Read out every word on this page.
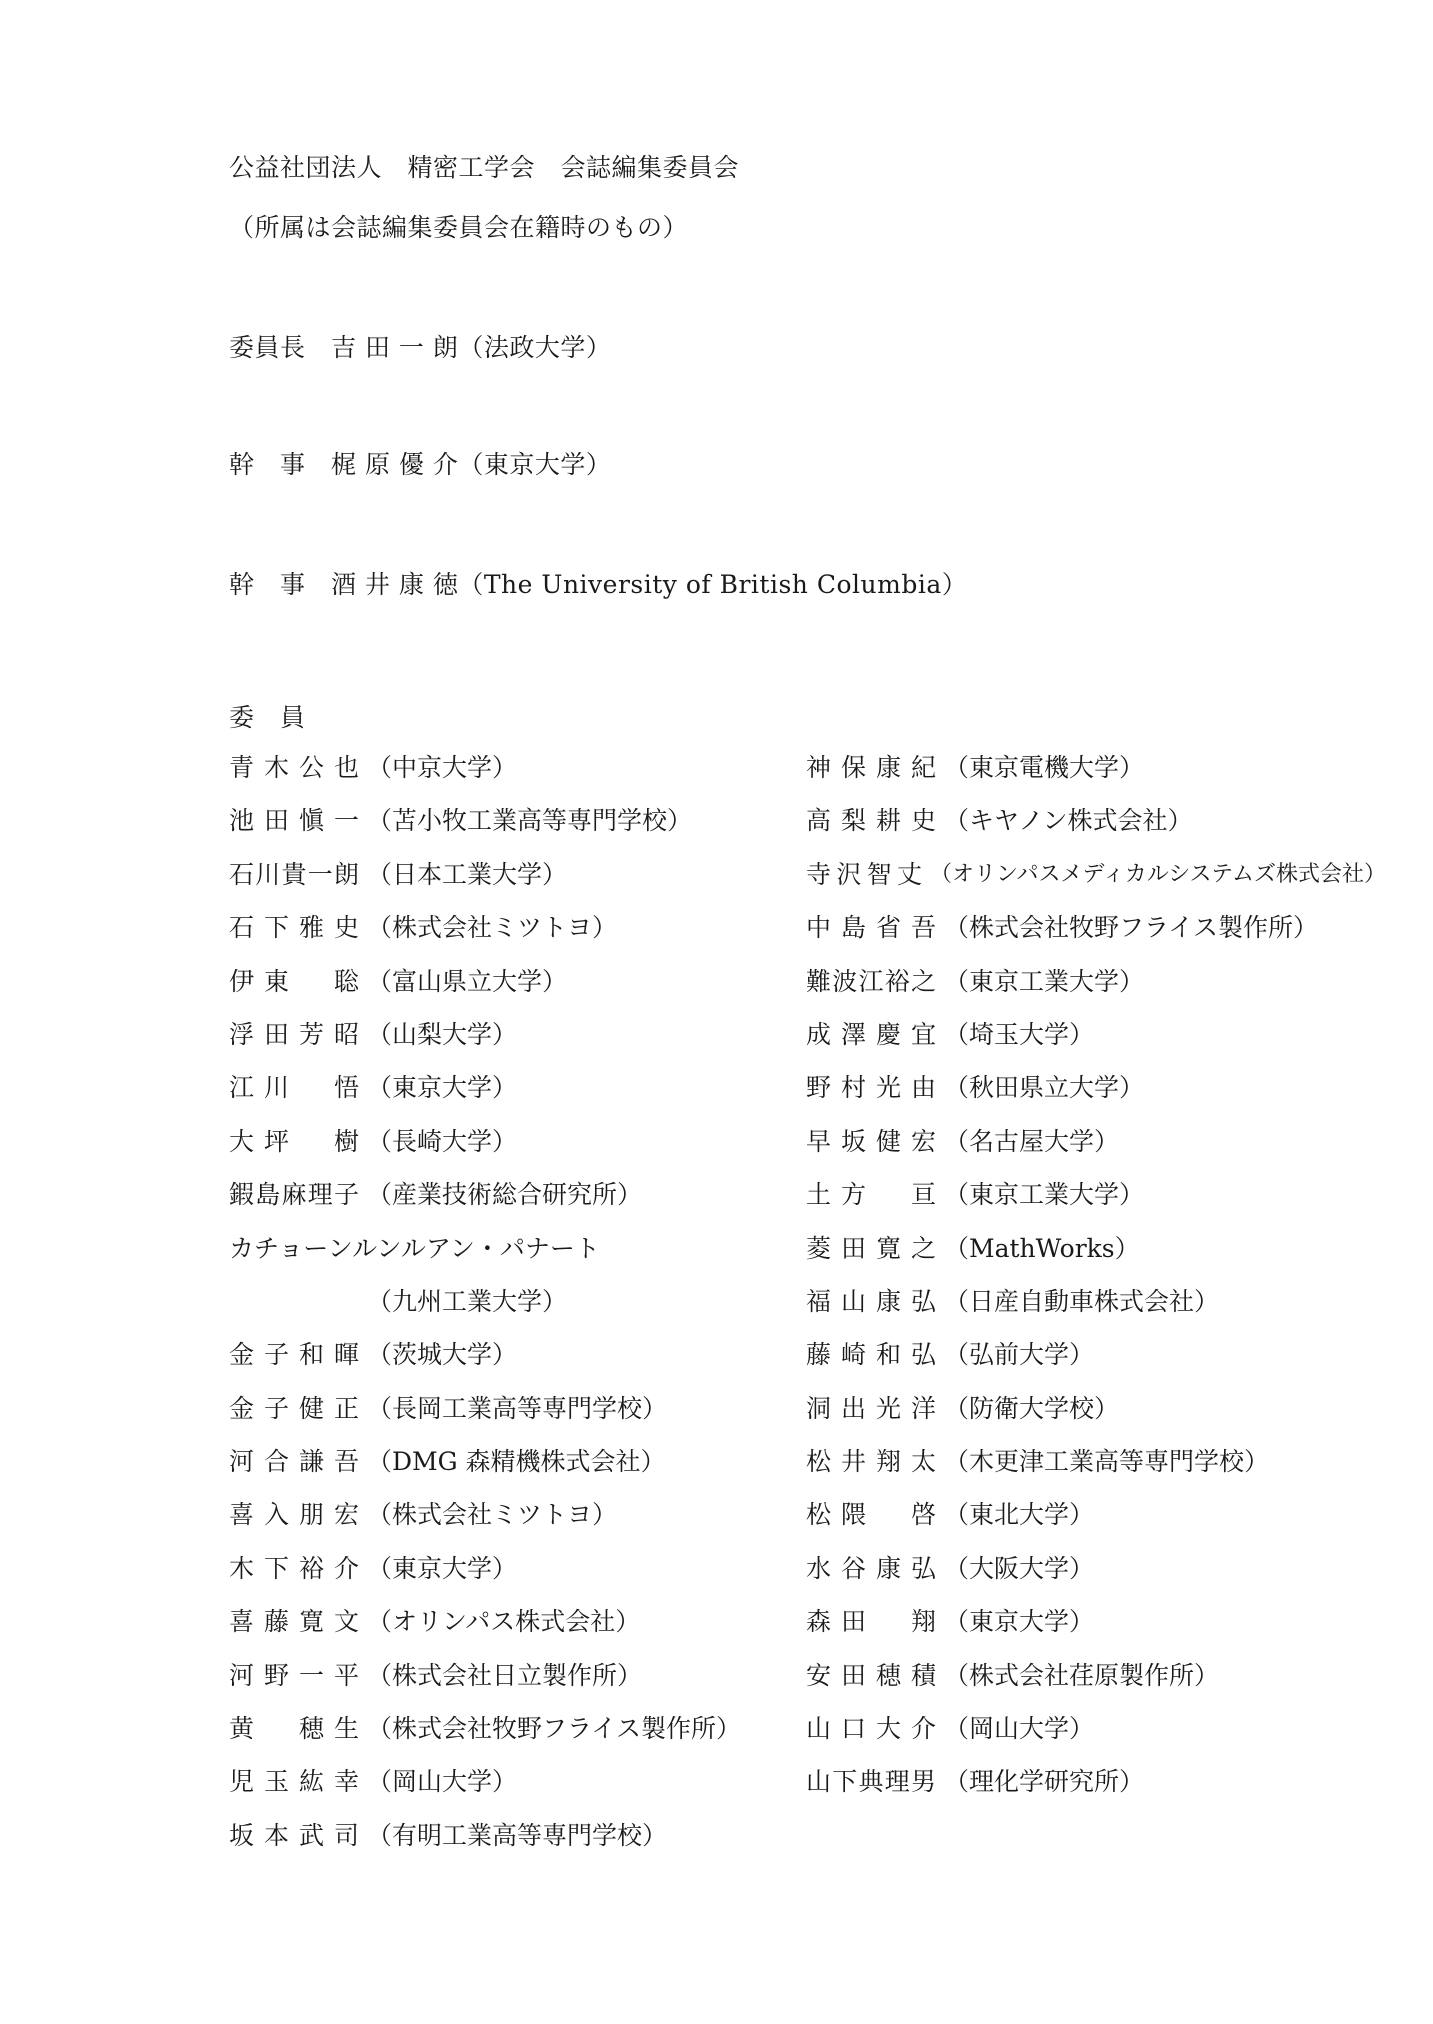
公益社団法人　精密工学会　会誌編集委員会
（所属は会誌編集委員会在籍時のもの）
委員長　吉 田 一 朗（法政大学）
幹　事　梶 原 優 介（東京大学）
幹　事　酒 井 康 徳（The University of British Columbia）
委　員
青木公也 （中京大学）
池田愼一 （苫小牧工業高等専門学校）
石川貴一朗 （日本工業大学）
石下雅史 （株式会社ミツトヨ）
伊東　聡 （富山県立大学）
浮田芳昭 （山梨大学）
江川　悟 （東京大学）
大坪　樹 （長崎大学）
鍜島麻理子 （産業技術総合研究所）
カチョーンルンルアン・パナート
（九州工業大学）
金子和暉 （茨城大学）
金子健正 （長岡工業高等専門学校）
河合謙吾 （DMG 森精機株式会社）
喜入朋宏 （株式会社ミツトヨ）
木下裕介 （東京大学）
喜藤寛文 （オリンパス株式会社）
河野一平 （株式会社日立製作所）
黄　穂生 （株式会社牧野フライス製作所）
児玉紘幸 （岡山大学）
坂本武司 （有明工業高等専門学校）
神保康紀 （東京電機大学）
高梨耕史 （キヤノン株式会社）
寺沢智丈 （オリンパスメディカルシステムズ株式会社）
中島省吾 （株式会社牧野フライス製作所）
難波江裕之 （東京工業大学）
成澤慶宜 （埼玉大学）
野村光由 （秋田県立大学）
早坂健宏 （名古屋大学）
土方　亘 （東京工業大学）
菱田寛之 （MathWorks）
福山康弘 （日産自動車株式会社）
藤崎和弘 （弘前大学）
洞出光洋 （防衛大学校）
松井翔太 （木更津工業高等専門学校）
松隈　啓 （東北大学）
水谷康弘 （大阪大学）
森田　翔 （東京大学）
安田穂積 （株式会社荏原製作所）
山口大介 （岡山大学）
山下典理男 （理化学研究所）
